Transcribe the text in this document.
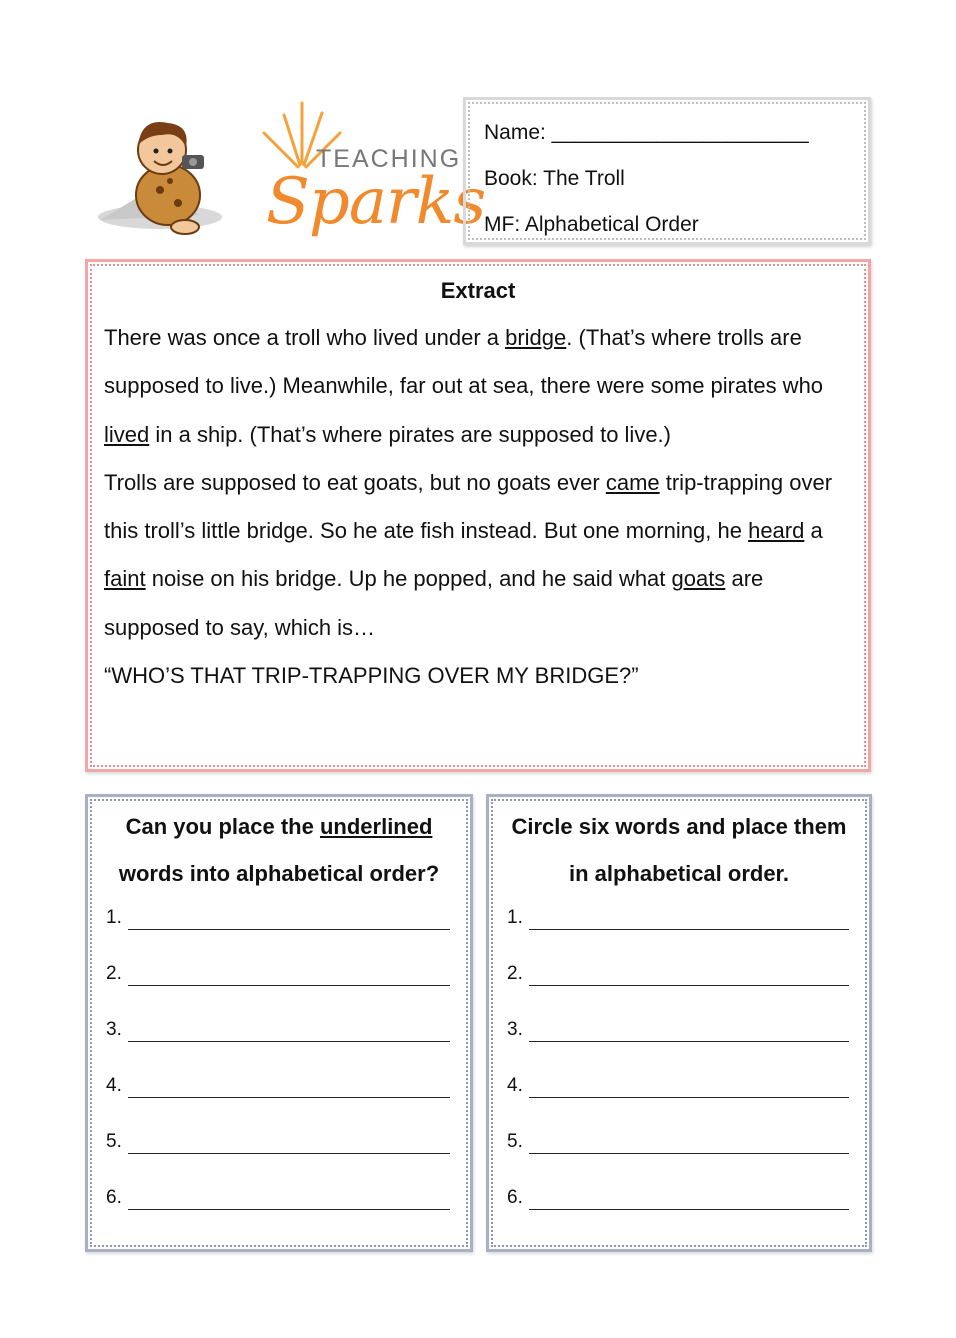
TEACHING
Sparks
Name: ______________________
Book: The Troll
MF: Alphabetical Order
Extract

There was once a troll who lived under a bridge. (That’s where trolls are supposed to live.) Meanwhile, far out at sea, there were some pirates who lived in a ship. (That’s where pirates are supposed to live.)

Trolls are supposed to eat goats, but no goats ever came trip-trapping over this troll’s little bridge. So he ate fish instead. But one morning, he heard a faint noise on his bridge. Up he popped, and he said what goats are supposed to say, which is…

“WHO’S THAT TRIP-TRAPPING OVER MY BRIDGE?”

Can you place the underlined words into alphabetical order?
1.
2.
3.
4.
5.
6.
Circle six words and place them in alphabetical order.
1.
2.
3.
4.
5.
6.
